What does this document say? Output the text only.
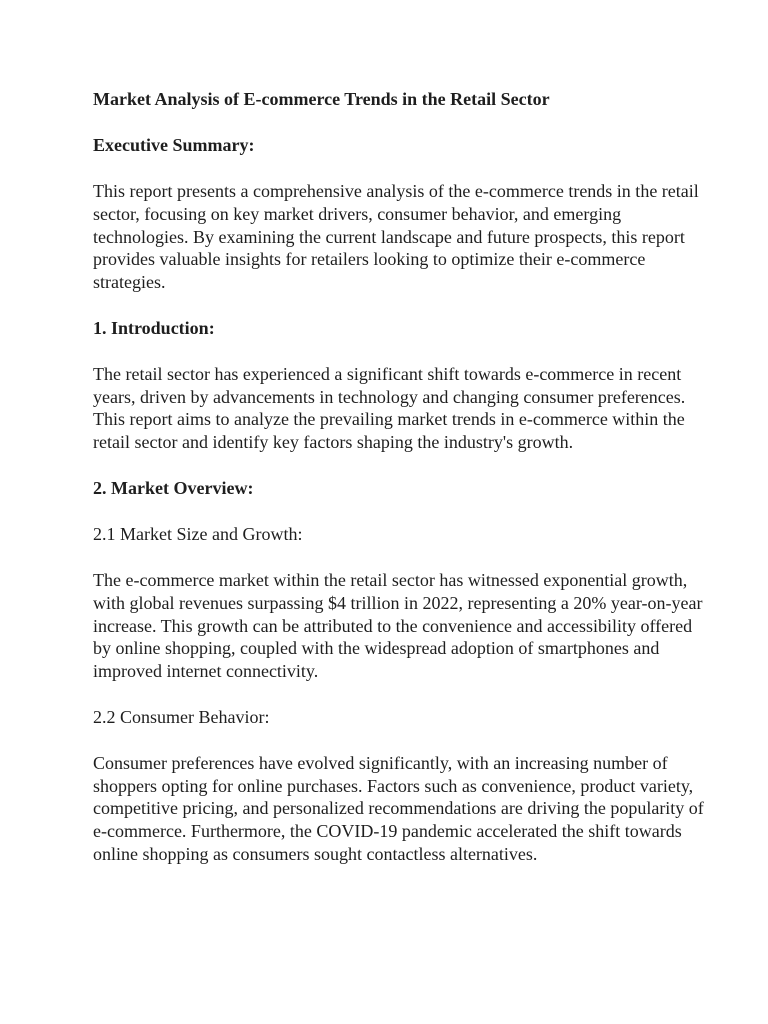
Market Analysis of E-commerce Trends in the Retail Sector
Executive Summary:

This report presents a comprehensive analysis of the e-commerce trends in the retail sector, focusing on key market drivers, consumer behavior, and emerging technologies. By examining the current landscape and future prospects, this report provides valuable insights for retailers looking to optimize their e-commerce strategies.

1. Introduction:

The retail sector has experienced a significant shift towards e-commerce in recent years, driven by advancements in technology and changing consumer preferences. This report aims to analyze the prevailing market trends in e-commerce within the retail sector and identify key factors shaping the industry's growth.

2. Market Overview:
2.1 Market Size and Growth:

The e-commerce market within the retail sector has witnessed exponential growth, with global revenues surpassing $4 trillion in 2022, representing a 20% year-on-year increase. This growth can be attributed to the convenience and accessibility offered by online shopping, coupled with the widespread adoption of smartphones and improved internet connectivity.

2.2 Consumer Behavior:

Consumer preferences have evolved significantly, with an increasing number of shoppers opting for online purchases. Factors such as convenience, product variety, competitive pricing, and personalized recommendations are driving the popularity of e-commerce. Furthermore, the COVID-19 pandemic accelerated the shift towards online shopping as consumers sought contactless alternatives.
